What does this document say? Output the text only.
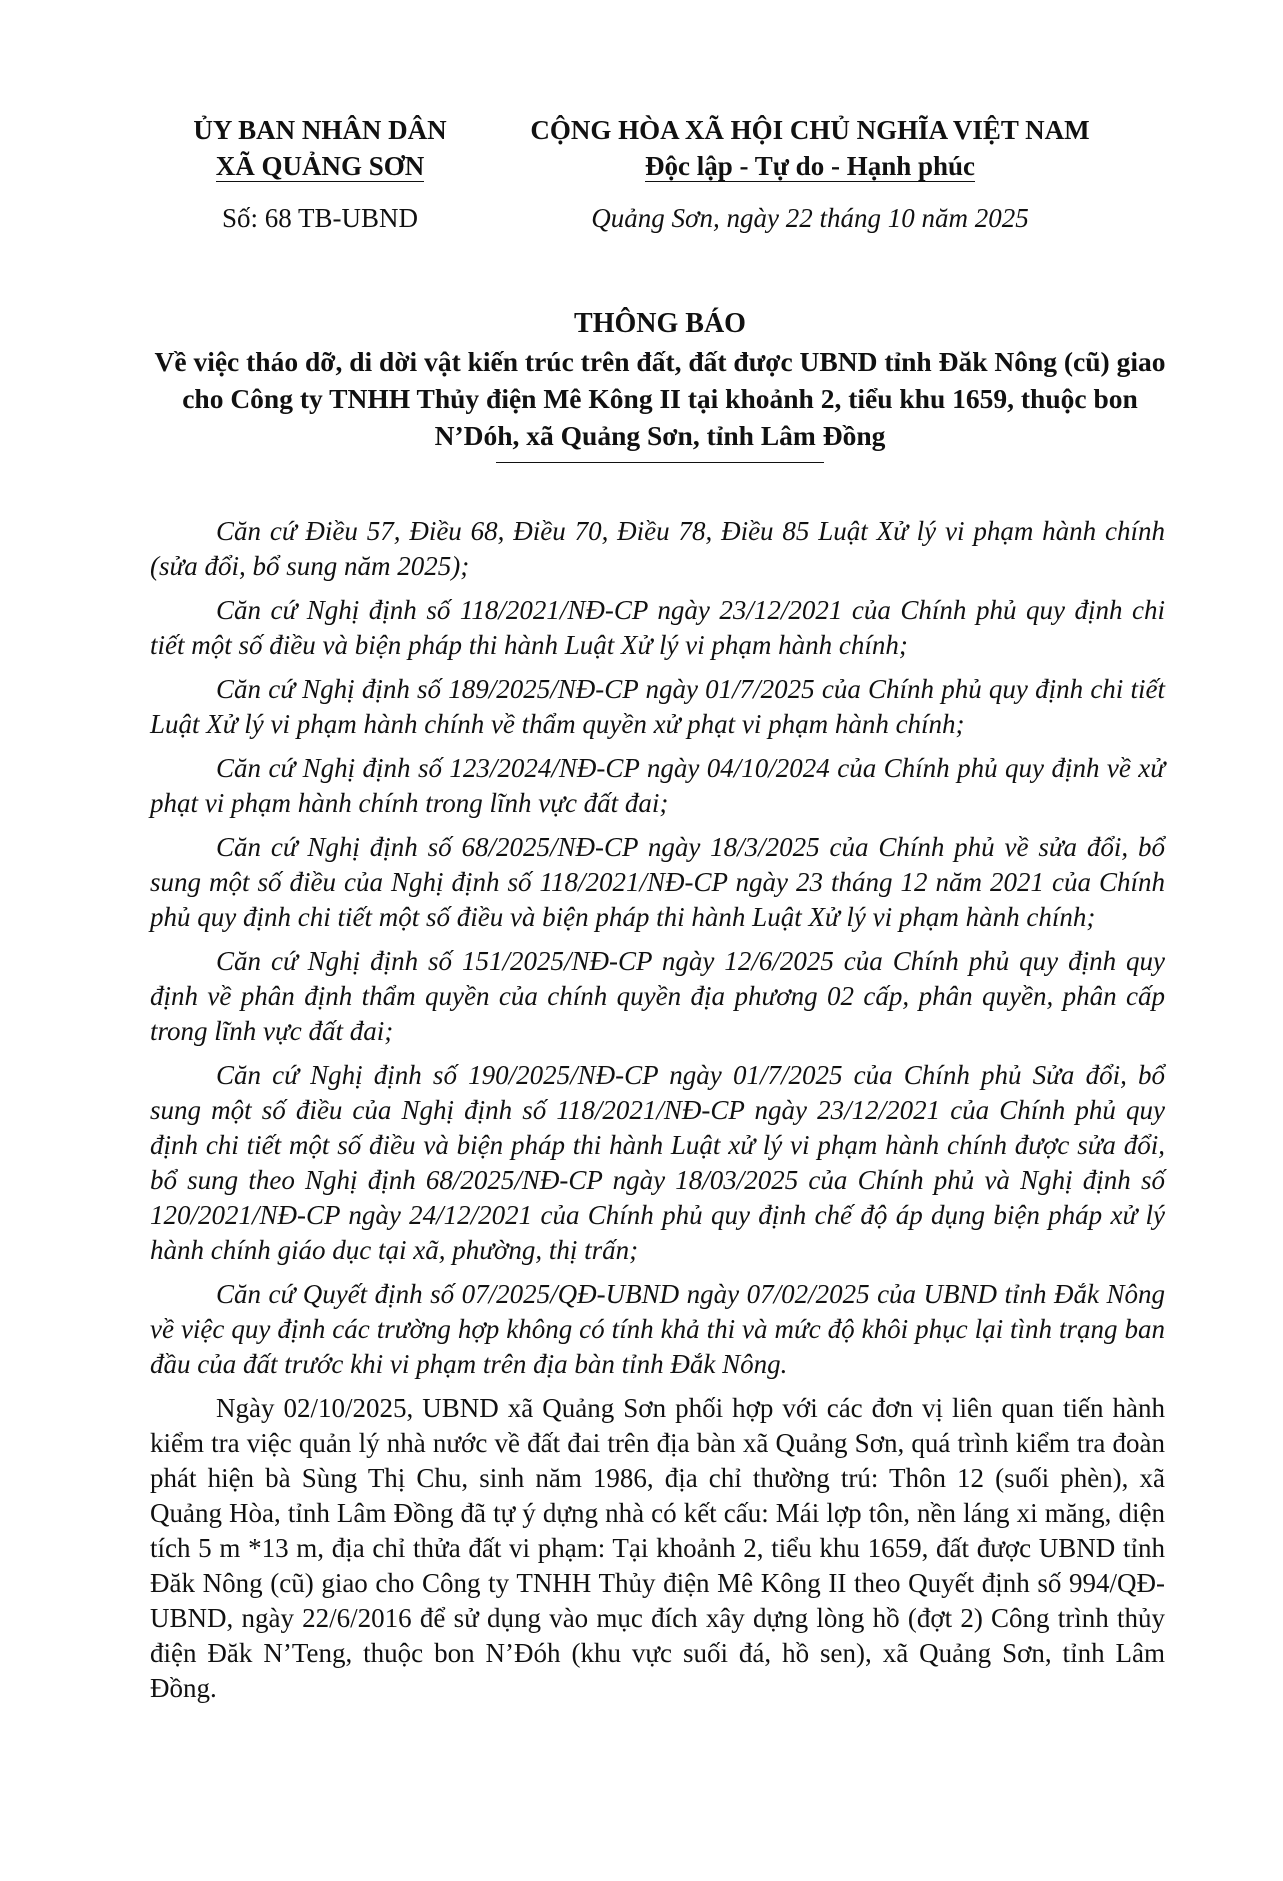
ỦY BAN NHÂN DÂN
XÃ QUẢNG SƠN
Số: 68 TB-UBND
CỘNG HÒA XÃ HỘI CHỦ NGHĨA VIỆT NAM
Độc lập - Tự do - Hạnh phúc
Quảng Sơn, ngày 22 tháng 10 năm 2025
THÔNG BÁO
Về việc tháo dỡ, di dời vật kiến trúc trên đất, đất được UBND tỉnh Đăk Nông (cũ) giao cho Công ty TNHH Thủy điện Mê Kông II tại khoảnh 2, tiểu khu 1659, thuộc bon N’Dóh, xã Quảng Sơn, tỉnh Lâm Đồng

Căn cứ Điều 57, Điều 68, Điều 70, Điều 78, Điều 85 Luật Xử lý vi phạm hành chính (sửa đổi, bổ sung năm 2025);

Căn cứ Nghị định số 118/2021/NĐ-CP ngày 23/12/2021 của Chính phủ quy định chi tiết một số điều và biện pháp thi hành Luật Xử lý vi phạm hành chính;

Căn cứ Nghị định số 189/2025/NĐ-CP ngày 01/7/2025 của Chính phủ quy định chi tiết Luật Xử lý vi phạm hành chính về thẩm quyền xử phạt vi phạm hành chính;

Căn cứ Nghị định số 123/2024/NĐ-CP ngày 04/10/2024 của Chính phủ quy định về xử phạt vi phạm hành chính trong lĩnh vực đất đai;

Căn cứ Nghị định số 68/2025/NĐ-CP ngày 18/3/2025 của Chính phủ về sửa đổi, bổ sung một số điều của Nghị định số 118/2021/NĐ-CP ngày 23 tháng 12 năm 2021 của Chính phủ quy định chi tiết một số điều và biện pháp thi hành Luật Xử lý vi phạm hành chính;

Căn cứ Nghị định số 151/2025/NĐ-CP ngày 12/6/2025 của Chính phủ quy định quy định về phân định thẩm quyền của chính quyền địa phương 02 cấp, phân quyền, phân cấp trong lĩnh vực đất đai;

Căn cứ Nghị định số 190/2025/NĐ-CP ngày 01/7/2025 của Chính phủ Sửa đổi, bổ sung một số điều của Nghị định số 118/2021/NĐ-CP ngày 23/12/2021 của Chính phủ quy định chi tiết một số điều và biện pháp thi hành Luật xử lý vi phạm hành chính được sửa đổi, bổ sung theo Nghị định 68/2025/NĐ-CP ngày 18/03/2025 của Chính phủ và Nghị định số 120/2021/NĐ-CP ngày 24/12/2021 của Chính phủ quy định chế độ áp dụng biện pháp xử lý hành chính giáo dục tại xã, phường, thị trấn;

Căn cứ Quyết định số 07/2025/QĐ-UBND ngày 07/02/2025 của UBND tỉnh Đắk Nông về việc quy định các trường hợp không có tính khả thi và mức độ khôi phục lại tình trạng ban đầu của đất trước khi vi phạm trên địa bàn tỉnh Đắk Nông.

Ngày 02/10/2025, UBND xã Quảng Sơn phối hợp với các đơn vị liên quan tiến hành kiểm tra việc quản lý nhà nước về đất đai trên địa bàn xã Quảng Sơn, quá trình kiểm tra đoàn phát hiện bà Sùng Thị Chu, sinh năm 1986, địa chỉ thường trú: Thôn 12 (suối phèn), xã Quảng Hòa, tỉnh Lâm Đồng đã tự ý dựng nhà có kết cấu: Mái lợp tôn, nền láng xi măng, diện tích 5 m *13 m, địa chỉ thửa đất vi phạm: Tại khoảnh 2, tiểu khu 1659, đất được UBND tỉnh Đăk Nông (cũ) giao cho Công ty TNHH Thủy điện Mê Kông II theo Quyết định số 994/QĐ-UBND, ngày 22/6/2016 để sử dụng vào mục đích xây dựng lòng hồ (đợt 2) Công trình thủy điện Đăk N’Teng, thuộc bon N’Đóh (khu vực suối đá, hồ sen), xã Quảng Sơn, tỉnh Lâm Đồng.
